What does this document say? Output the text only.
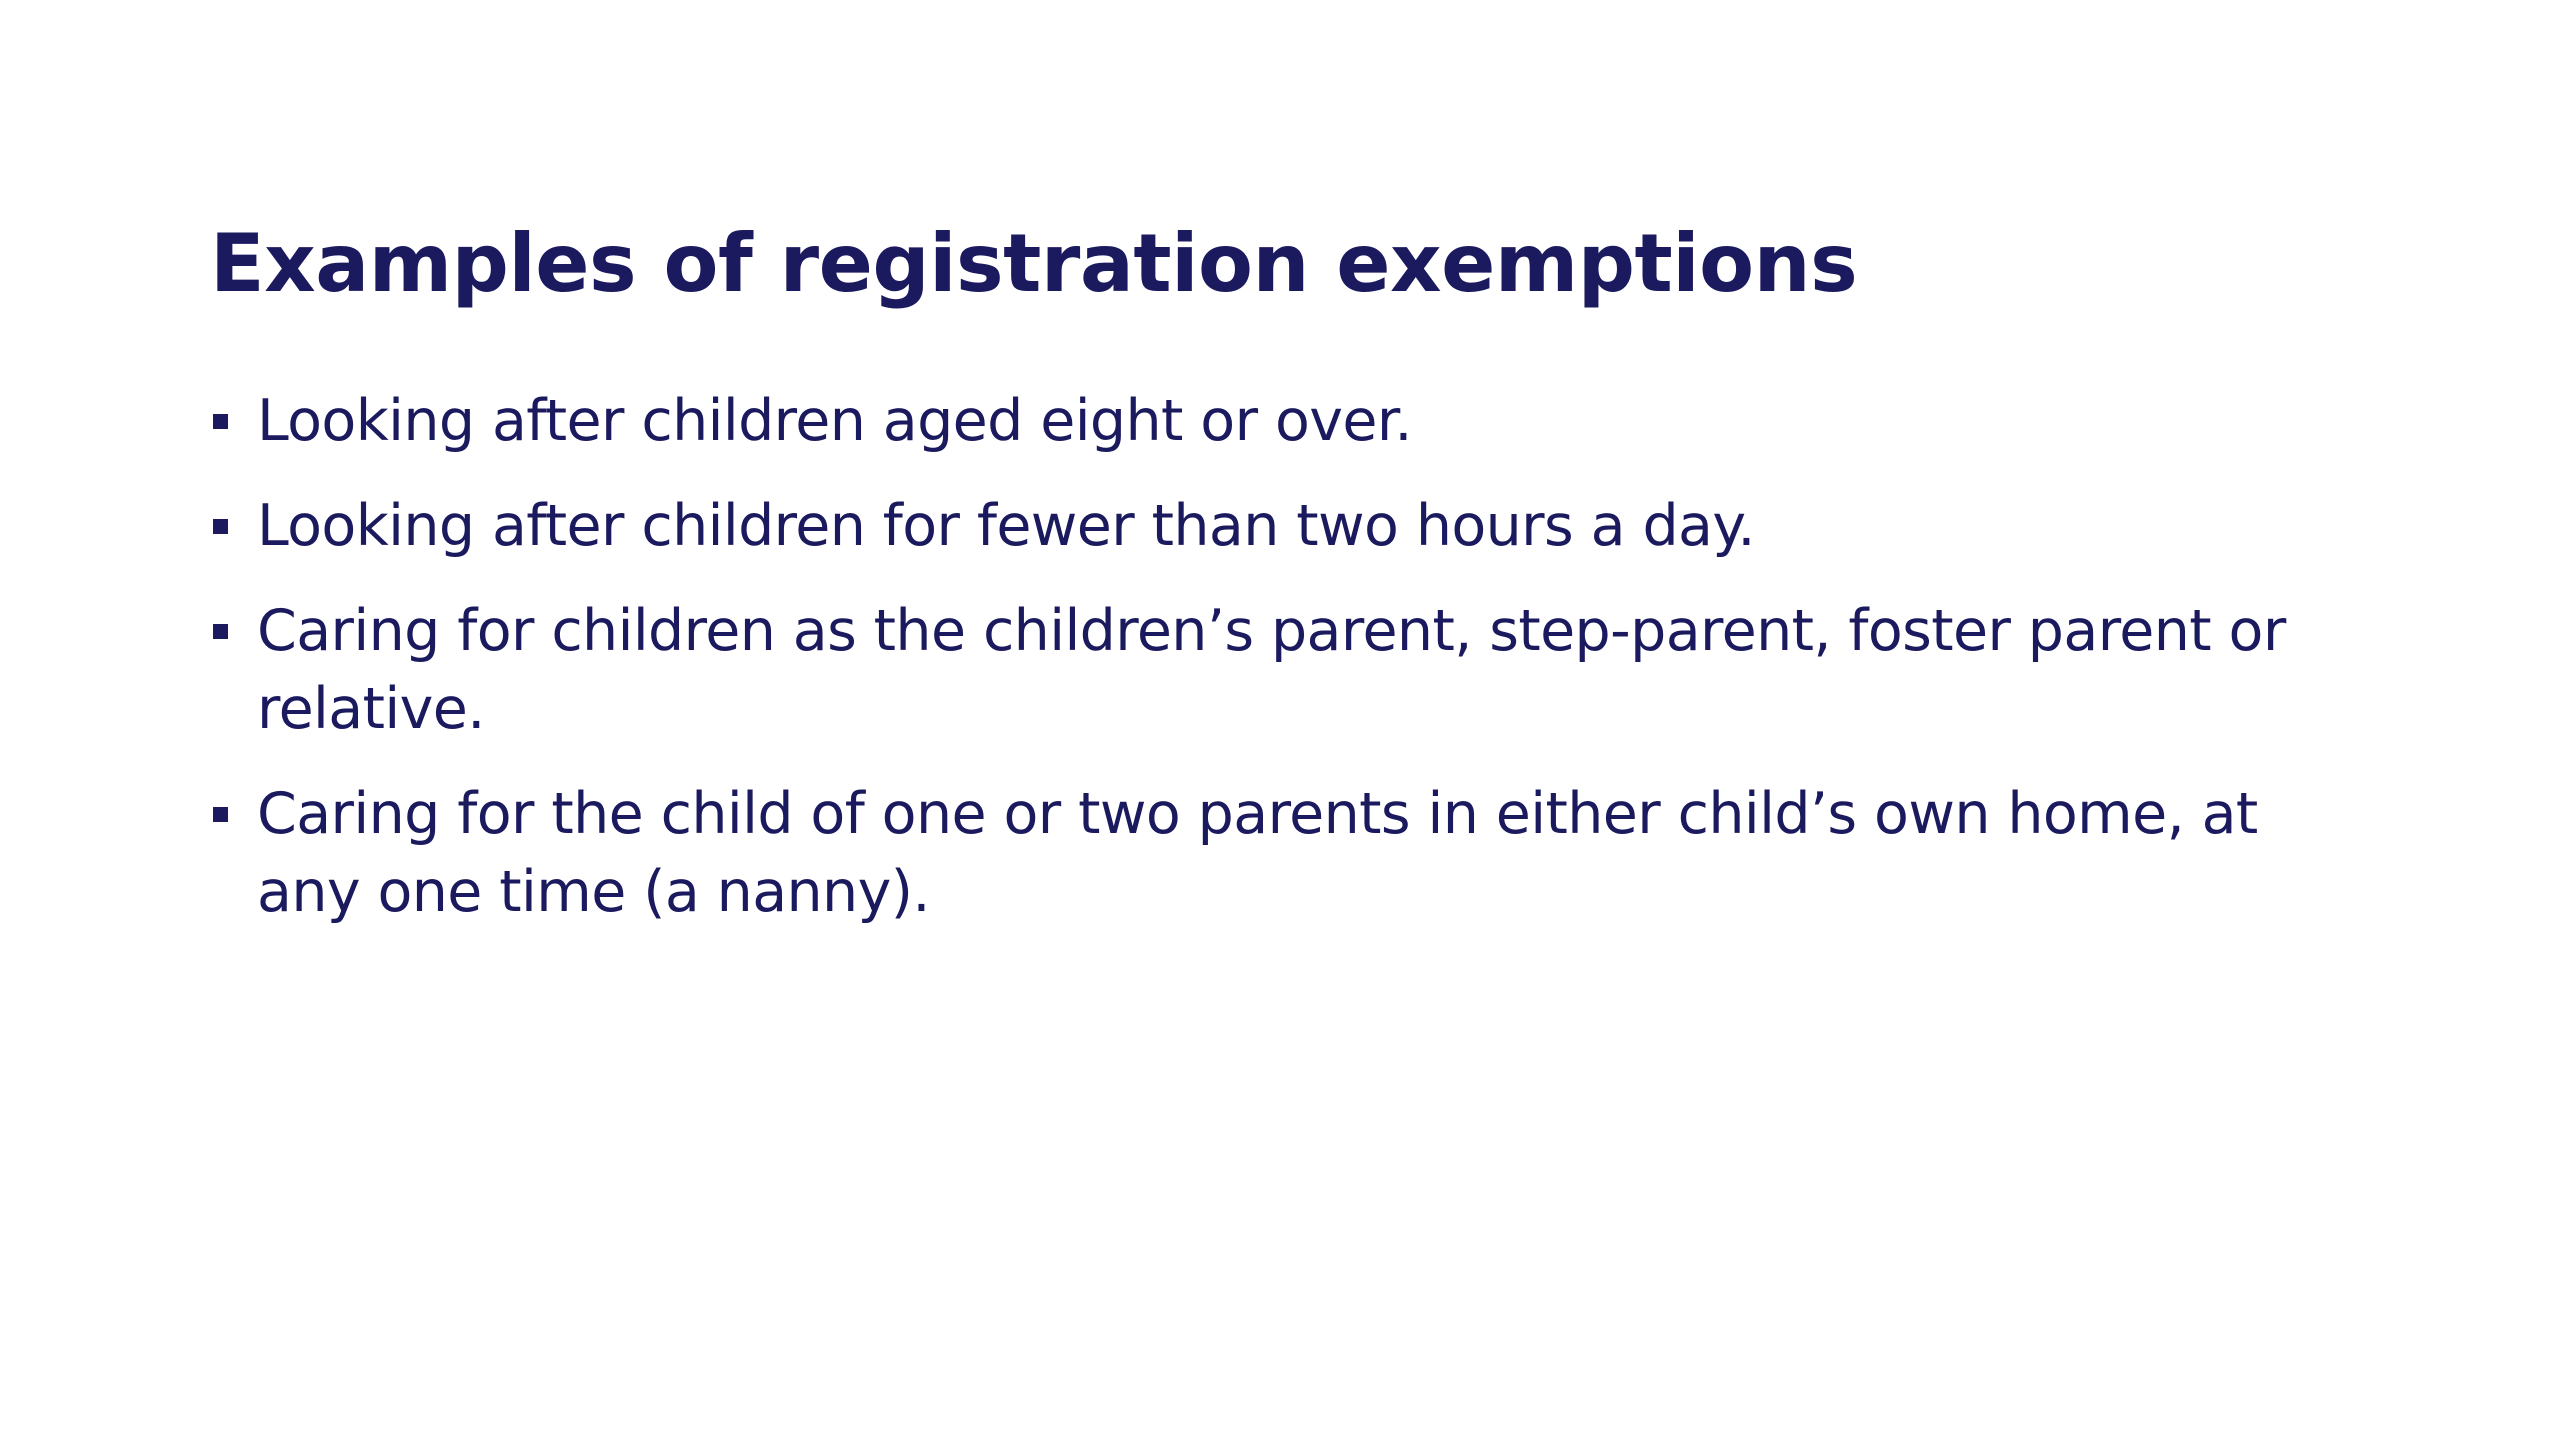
Examples of registration exemptions
Looking after children aged eight or over.
Looking after children for fewer than two hours a day.
Caring for children as the children’s parent, step-parent, foster parent or relative.
Caring for the child of one or two parents in either child’s own home, at any one time (a nanny).
